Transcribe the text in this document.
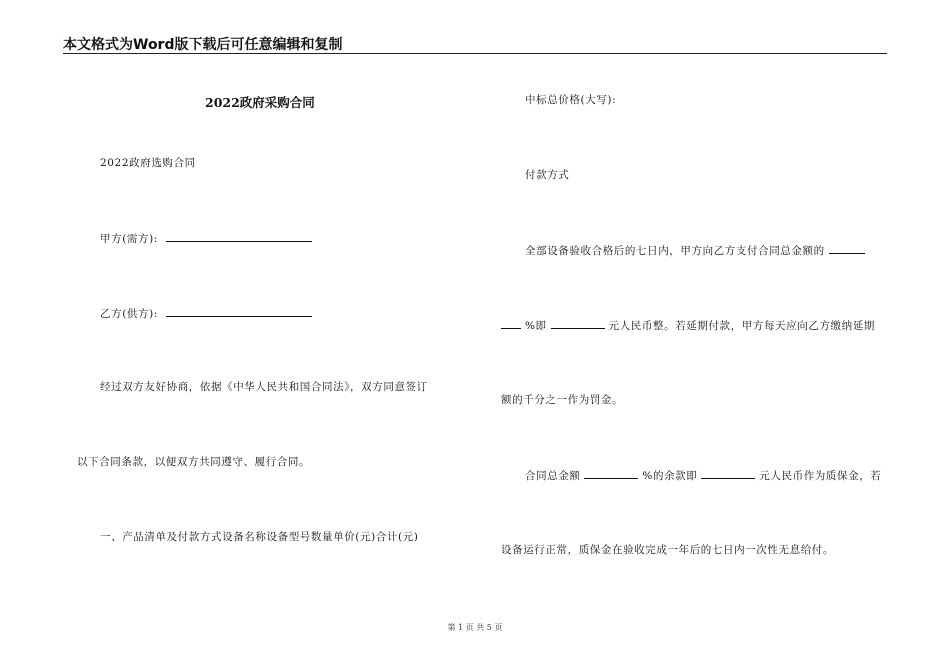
本文格式为Word版下载后可任意编辑和复制
2022政府采购合同
2022政府选购合同
甲方(需方):
乙方(供方):
经过双方友好协商，依据《中华人民共和国合同法》，双方同意签订
以下合同条款，以便双方共同遵守、履行合同。
一、产品清单及付款方式设备名称设备型号数量单价(元)合计(元)
中标总价格(大写):
付款方式
全部设备验收合格后的七日内，甲方向乙方支付合同总金额的
%即	元人民币整。若延期付款，甲方每天应向乙方缴纳延期
额的千分之一作为罚金。
合同总金额	%的余款即	元人民币作为质保金，若
设备运行正常，质保金在验收完成一年后的七日内一次性无息给付。
第 1 页 共 5 页
